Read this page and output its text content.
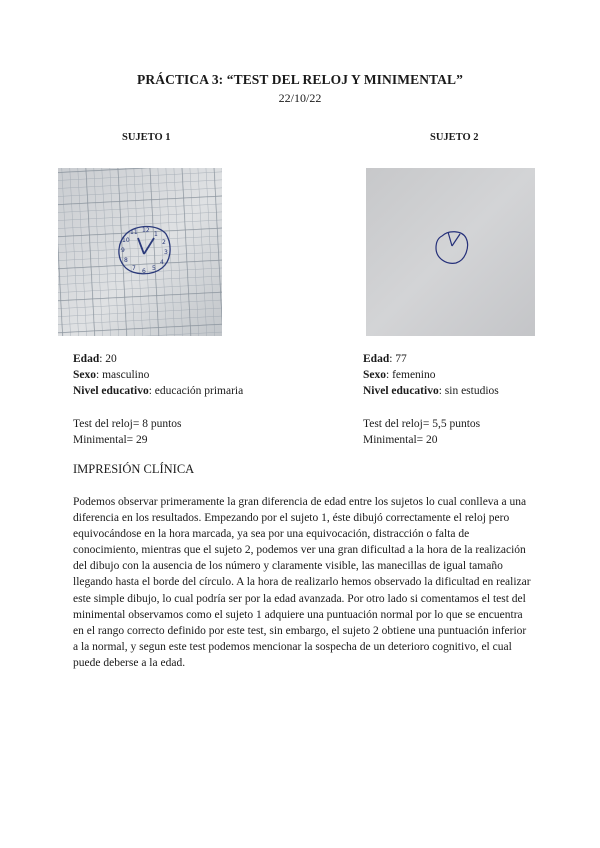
PRÁCTICA 3: “TEST DEL RELOJ Y MINIMENTAL”
22/10/22
SUJETO 1
12
1
2
3
4
5
6
7
8
9
10
11
Edad: 20
Sexo: masculino
Nivel educativo: educación primaria
Test del reloj= 8 puntos
Minimental= 29
SUJETO 2
Edad: 77
Sexo: femenino
Nivel educativo: sin estudios
Test del reloj= 5,5 puntos
Minimental= 20
IMPRESIÓN CLÍNICA
Podemos observar primeramente la gran diferencia de edad entre los sujetos lo cual conlleva a una diferencia en los resultados. Empezando por el sujeto 1, éste dibujó correctamente el reloj pero equivocándose en la hora marcada, ya sea por una equivocación, distracción o falta de conocimiento, mientras que el sujeto 2, podemos ver una gran dificultad a la hora de la realización del dibujo con la ausencia de los número y claramente visible, las manecillas de igual tamaño llegando hasta el borde del círculo. A la hora de realizarlo hemos observado la dificultad en realizar este simple dibujo, lo cual podría ser por la edad avanzada. Por otro lado si comentamos el test del minimental observamos como el sujeto 1 adquiere una puntuación normal por lo que se encuentra en el rango correcto definido por este test, sin embargo, el sujeto 2 obtiene una puntuación inferior a la normal, y segun este test podemos mencionar la sospecha de un deterioro cognitivo, el cual puede deberse a la edad.
